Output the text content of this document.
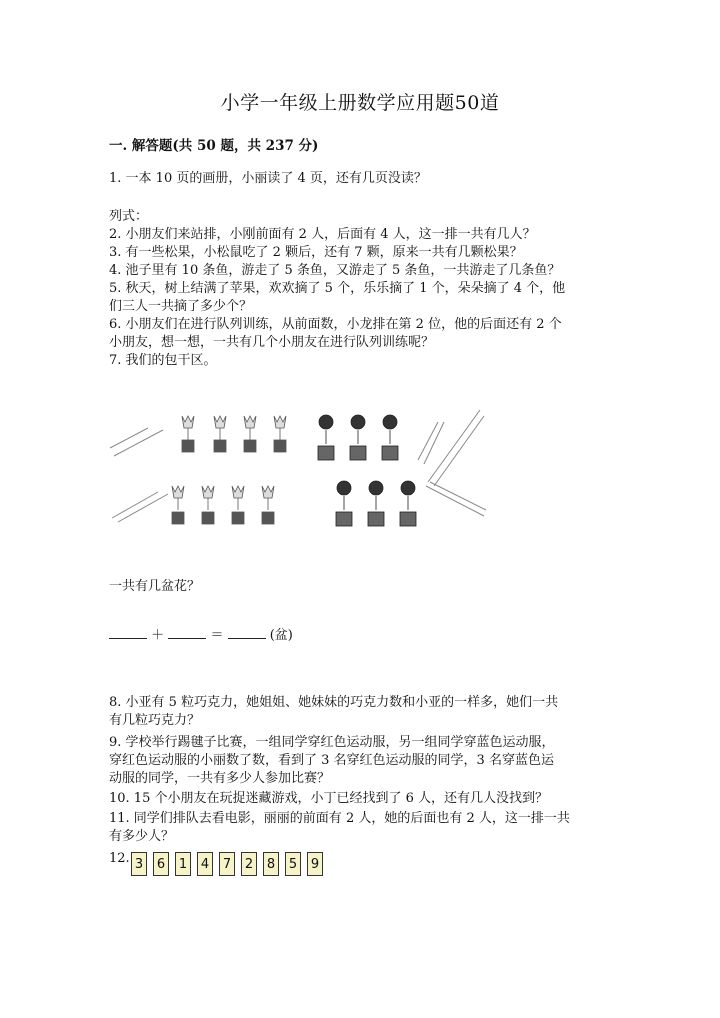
小学一年级上册数学应用题50道
一. 解答题(共 50 题，共 237 分)
1. 一本 10 页的画册，小丽读了 4 页，还有几页没读？
列式：
2. 小朋友们来站排，小刚前面有 2 人，后面有 4 人，这一排一共有几人？
3. 有一些松果，小松鼠吃了 2 颗后，还有 7 颗，原来一共有几颗松果？
4. 池子里有 10 条鱼，游走了 5 条鱼，又游走了 5 条鱼，一共游走了几条鱼？
5. 秋天，树上结满了苹果，欢欢摘了 5 个，乐乐摘了 1 个，朵朵摘了 4 个，他
们三人一共摘了多少个？
6. 小朋友们在进行队列训练，从前面数，小龙排在第 2 位，他的后面还有 2 个
小朋友，想一想，一共有几个小朋友在进行队列训练呢？
7. 我们的包干区。
一共有几盆花？
＋	＝	(盆)
8. 小亚有 5 粒巧克力，她姐姐、她妹妹的巧克力数和小亚的一样多，她们一共
有几粒巧克力？
9. 学校举行踢毽子比赛，一组同学穿红色运动服，另一组同学穿蓝色运动服，
穿红色运动服的小丽数了数，看到了 3 名穿红色运动服的同学，3 名穿蓝色运
动服的同学，一共有多少人参加比赛？
10. 15 个小朋友在玩捉迷藏游戏，小丁已经找到了 6 人，还有几人没找到？
11. 同学们排队去看电影，丽丽的前面有 2 人，她的后面也有 2 人，这一排一共
有多少人？
12. 3 6 1 4 7 2 8 5 9
